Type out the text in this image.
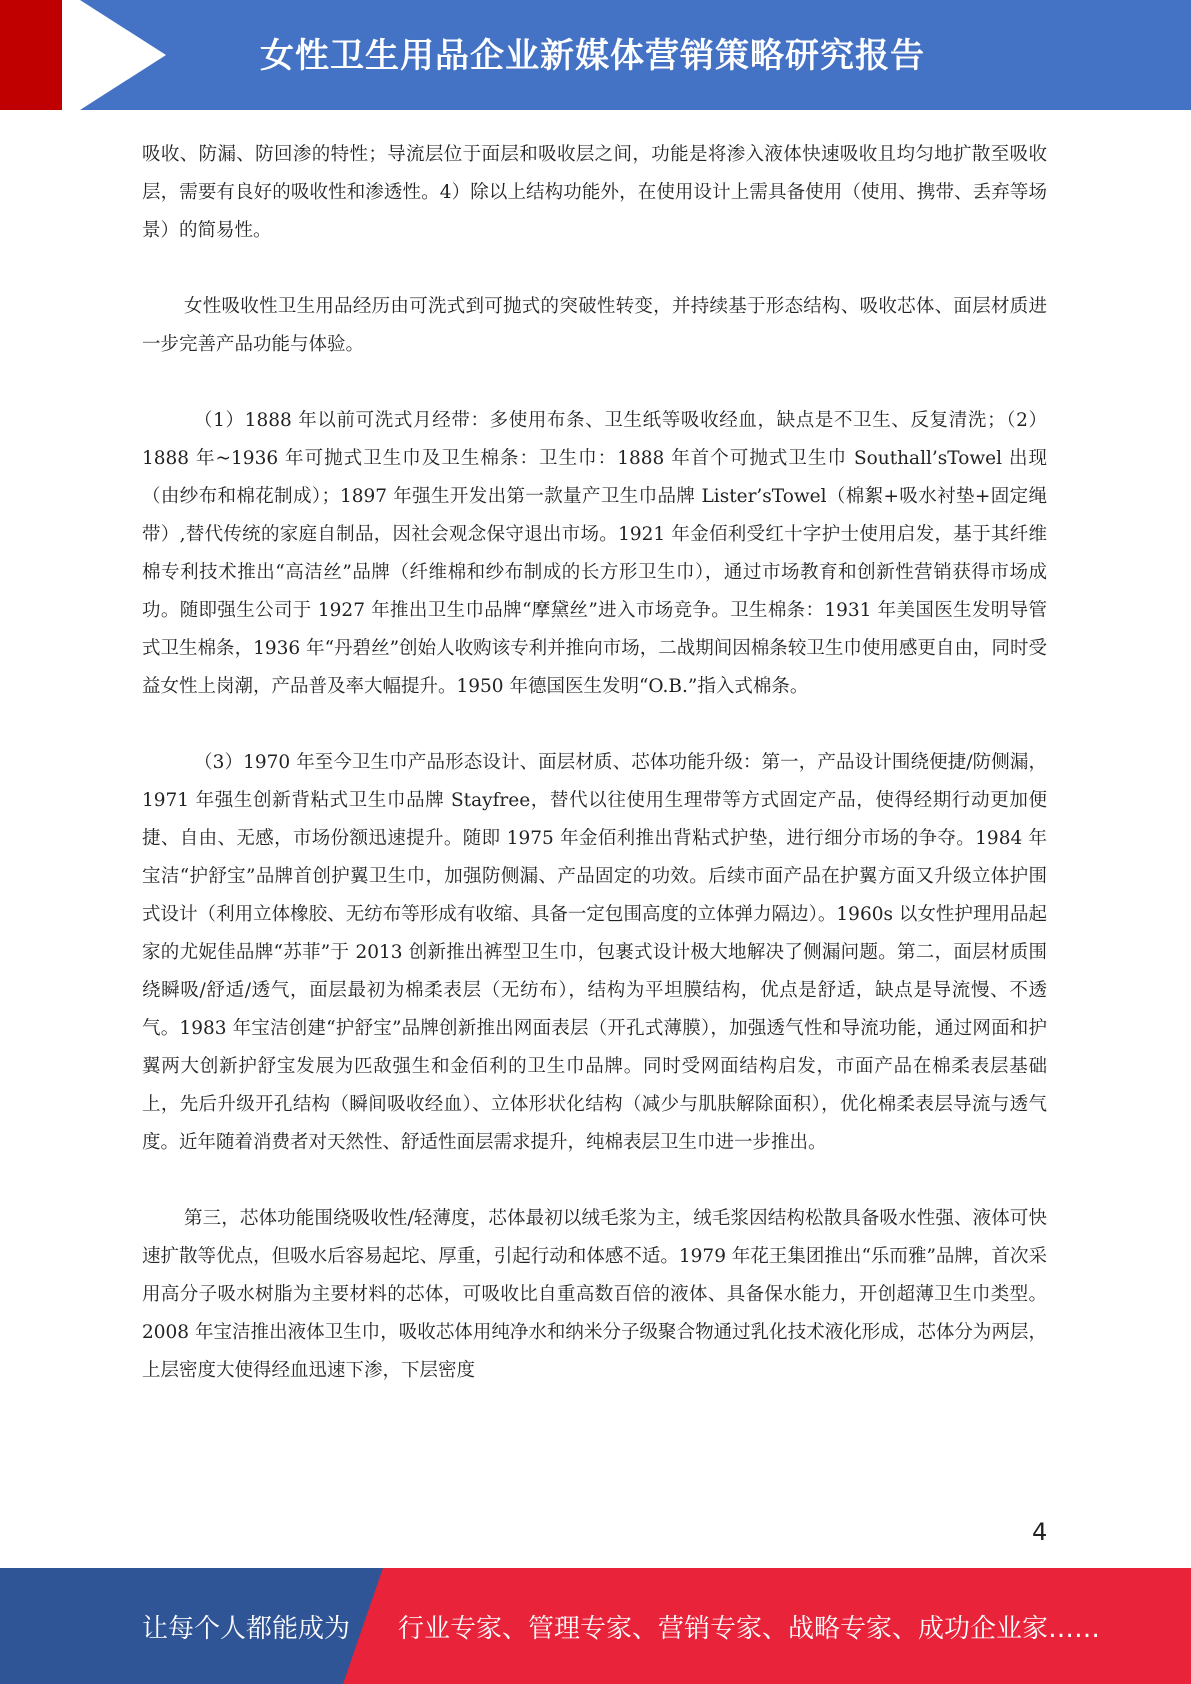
女性卫生用品企业新媒体营销策略研究报告

吸收、防漏、防回渗的特性；导流层位于面层和吸收层之间，功能是将渗入液体快速吸收且均匀地扩散至吸收层，需要有良好的吸收性和渗透性。4）除以上结构功能外，在使用设计上需具备使用（使用、携带、丢弃等场景）的简易性。

女性吸收性卫生用品经历由可洗式到可抛式的突破性转变，并持续基于形态结构、吸收芯体、面层材质进一步完善产品功能与体验。

（1）1888 年以前可洗式月经带：多使用布条、卫生纸等吸收经血，缺点是不卫生、反复清洗；（2）1888 年~1936 年可抛式卫生巾及卫生棉条：卫生巾：1888 年首个可抛式卫生巾 Southall’sTowel 出现（由纱布和棉花制成）；1897 年强生开发出第一款量产卫生巾品牌 Lister’sTowel（棉絮+吸水衬垫+固定绳带）,替代传统的家庭自制品，因社会观念保守退出市场。1921 年金佰利受红十字护士使用启发，基于其纤维棉专利技术推出“高洁丝”品牌（纤维棉和纱布制成的长方形卫生巾），通过市场教育和创新性营销获得市场成功。随即强生公司于 1927 年推出卫生巾品牌“摩黛丝”进入市场竞争。卫生棉条：1931 年美国医生发明导管式卫生棉条，1936 年“丹碧丝”创始人收购该专利并推向市场，二战期间因棉条较卫生巾使用感更自由，同时受益女性上岗潮，产品普及率大幅提升。1950 年德国医生发明“O.B.”指入式棉条。

（3）1970 年至今卫生巾产品形态设计、面层材质、芯体功能升级：第一，产品设计围绕便捷/防侧漏，1971 年强生创新背粘式卫生巾品牌 Stayfree，替代以往使用生理带等方式固定产品，使得经期行动更加便捷、自由、无感，市场份额迅速提升。随即 1975 年金佰利推出背粘式护垫，进行细分市场的争夺。1984 年宝洁“护舒宝”品牌首创护翼卫生巾，加强防侧漏、产品固定的功效。后续市面产品在护翼方面又升级立体护围式设计（利用立体橡胶、无纺布等形成有收缩、具备一定包围高度的立体弹力隔边）。1960s 以女性护理用品起家的尤妮佳品牌“苏菲”于 2013 创新推出裤型卫生巾，包裹式设计极大地解决了侧漏问题。第二，面层材质围绕瞬吸/舒适/透气，面层最初为棉柔表层（无纺布），结构为平坦膜结构，优点是舒适，缺点是导流慢、不透气。1983 年宝洁创建“护舒宝”品牌创新推出网面表层（开孔式薄膜），加强透气性和导流功能，通过网面和护翼两大创新护舒宝发展为匹敌强生和金佰利的卫生巾品牌。同时受网面结构启发，市面产品在棉柔表层基础上，先后升级开孔结构（瞬间吸收经血）、立体形状化结构（减少与肌肤解除面积），优化棉柔表层导流与透气度。近年随着消费者对天然性、舒适性面层需求提升，纯棉表层卫生巾进一步推出。

第三，芯体功能围绕吸收性/轻薄度，芯体最初以绒毛浆为主，绒毛浆因结构松散具备吸水性强、液体可快速扩散等优点，但吸水后容易起坨、厚重，引起行动和体感不适。1979 年花王集团推出“乐而雅”品牌，首次采用高分子吸水树脂为主要材料的芯体，可吸收比自重高数百倍的液体、具备保水能力，开创超薄卫生巾类型。2008 年宝洁推出液体卫生巾，吸收芯体用纯净水和纳米分子级聚合物通过乳化技术液化形成，芯体分为两层，上层密度大使得经血迅速下渗，下层密度

4
让每个人都能成为 行业专家、管理专家、营销专家、战略专家、成功企业家……
